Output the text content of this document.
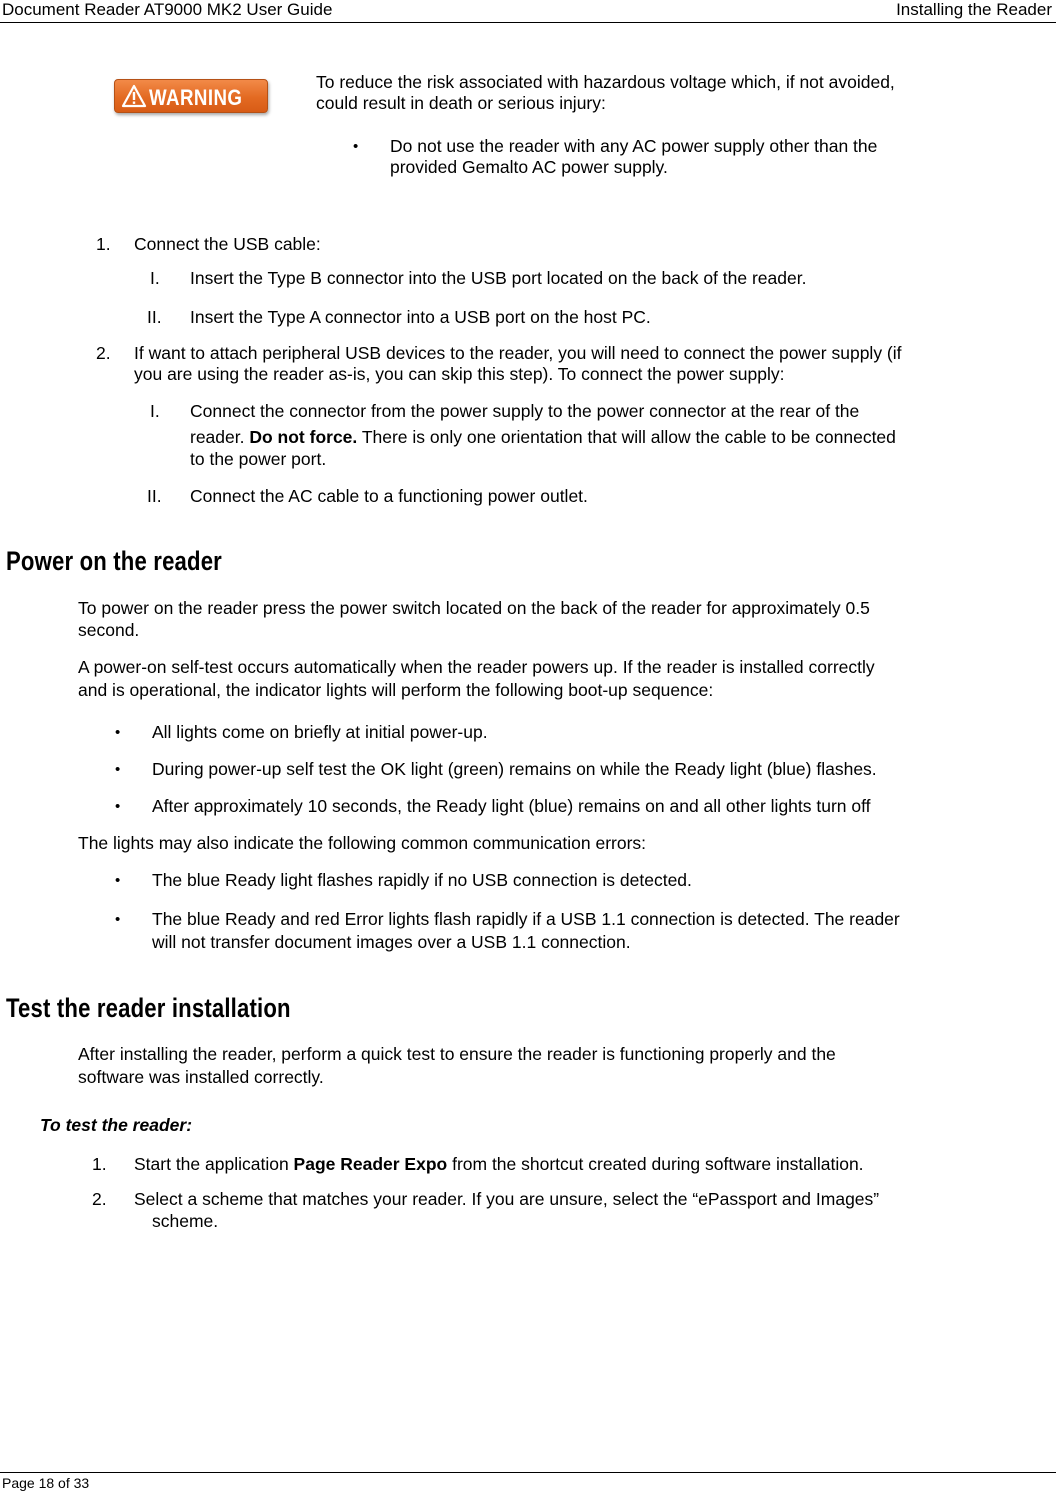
Document Reader AT9000 MK2 User Guide	Installing the Reader
WARNING

To reduce the risk associated with hazardous voltage which, if not avoided,

could result in death or serious injury:

• Do not use the reader with any AC power supply other than the

provided Gemalto AC power supply.

1. Connect the USB cable:

I. Insert the Type B connector into the USB port located on the back of the reader.

II. Insert the Type A connector into a USB port on the host PC.

2. If want to attach peripheral USB devices to the reader, you will need to connect the power supply (if

you are using the reader as-is, you can skip this step). To connect the power supply:

I. Connect the connector from the power supply to the power connector at the rear of the

reader. Do not force. There is only one orientation that will allow the cable to be connected

to the power port.

II. Connect the AC cable to a functioning power outlet.

Power on the reader

To power on the reader press the power switch located on the back of the reader for approximately 0.5

second.

A power-on self-test occurs automatically when the reader powers up. If the reader is installed correctly

and is operational, the indicator lights will perform the following boot-up sequence:

• All lights come on briefly at initial power-up.

• During power-up self test the OK light (green) remains on while the Ready light (blue) flashes.

• After approximately 10 seconds, the Ready light (blue) remains on and all other lights turn off

The lights may also indicate the following common communication errors:

• The blue Ready light flashes rapidly if no USB connection is detected.

• The blue Ready and red Error lights flash rapidly if a USB 1.1 connection is detected. The reader

will not transfer document images over a USB 1.1 connection.

Test the reader installation

After installing the reader, perform a quick test to ensure the reader is functioning properly and the

software was installed correctly.

To test the reader:

1. Start the application Page Reader Expo from the shortcut created during software installation.

2. Select a scheme that matches your reader. If you are unsure, select the “ePassport and Images”

scheme.

Page 18 of 33
